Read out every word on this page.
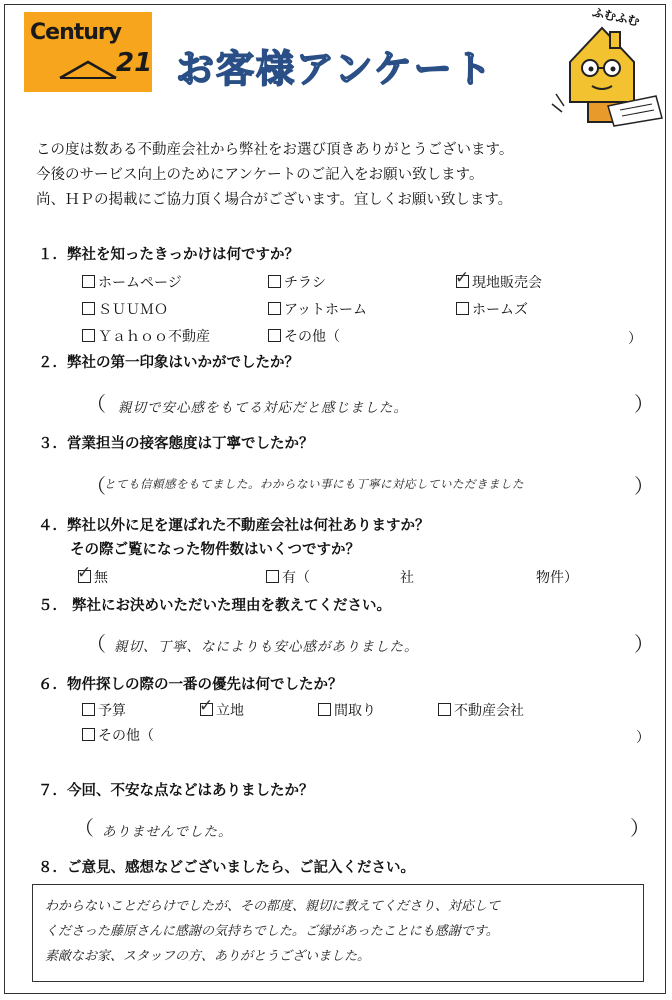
Century
21 お客様アンケート
ふむふむ
この度は数ある不動産会社から弊社をお選び頂きありがとうございます。
今後のサービス向上のためにアンケートのご記入をお願い致します。
尚、ＨＰの掲載にご協力頂く場合がございます。宜しくお願い致します。
１．弊社を知ったきっかけは何ですか？
ホームページ	チラシ	✓ 現地販売会
ＳＵＵＭＯ	アットホーム	ホームズ
Ｙａｈｏｏ不動産	その他（	）
２．弊社の第一印象はいかがでしたか？
（ 親切で安心感をもてる対応だと感じました。	）
３．営業担当の接客態度は丁寧でしたか？
（
とても信頼感をもてました。わからない事にも丁寧に対応していただきました	）
４．弊社以外に足を運ばれた不動産会社は何社ありますか？
その際ご覧になった物件数はいくつですか？
✓ 無	有（	社	物件）
５． 弊社にお決めいただいた理由を教えてください。
（ 親切、丁寧、なによりも安心感がありました。	）
６．物件探しの際の一番の優先は何でしたか？
予算	✓ 立地	間取り	不動産会社
その他（	）
７．今回、不安な点などはありましたか？
（ ありませんでした。	）
８．ご意見、感想などございましたら、ご記入ください。
わからないことだらけでしたが、その都度、親切に教えてくださり、対応して
くださった藤原さんに感謝の気持ちでした。ご縁があったことにも感謝です。
素敵なお家、スタッフの方、ありがとうございました。
